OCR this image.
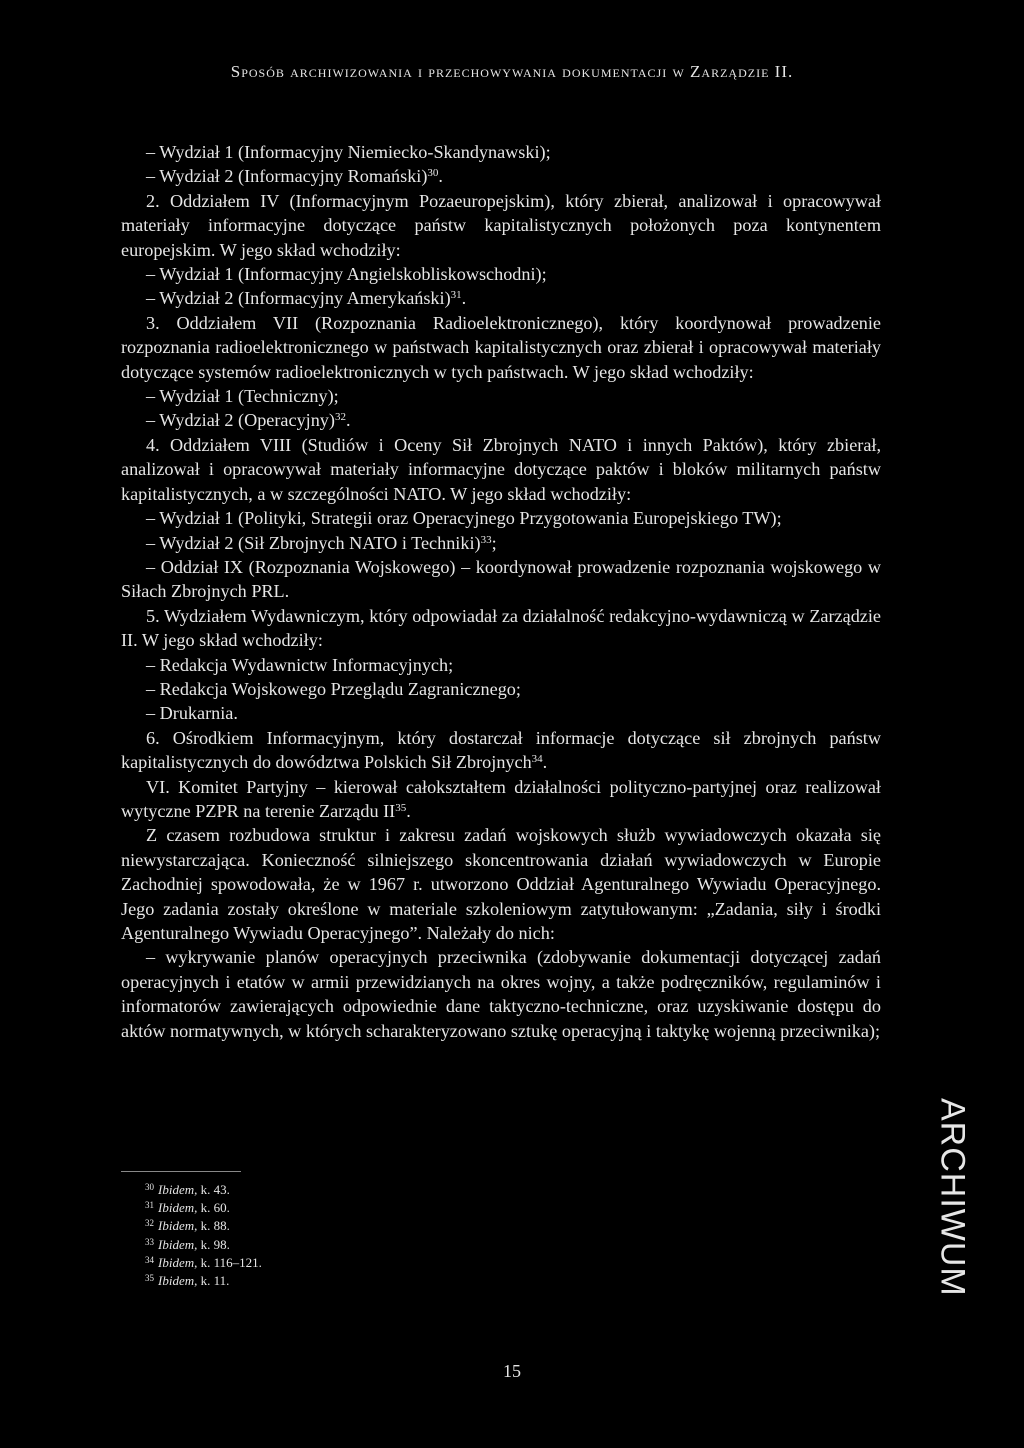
Sposób archiwizowania i przechowywania dokumentacji w Zarządzie II.

– Wydział 1 (Informacyjny Niemiecko-Skandynawski);

– Wydział 2 (Informacyjny Romański)$^{30}$.

2. Oddziałem IV (Informacyjnym Pozaeuropejskim), który zbierał, analizował i opracowywał materiały informacyjne dotyczące państw kapitalistycznych położonych poza kontynentem europejskim. W jego skład wchodziły:

– Wydział 1 (Informacyjny Angielskobliskowschodni);

– Wydział 2 (Informacyjny Amerykański)$^{31}$.

3. Oddziałem VII (Rozpoznania Radioelektronicznego), który koordynował prowadzenie rozpoznania radioelektronicznego w państwach kapitalistycznych oraz zbierał i opracowywał materiały dotyczące systemów radioelektronicznych w tych państwach. W jego skład wchodziły:

– Wydział 1 (Techniczny);

– Wydział 2 (Operacyjny)$^{32}$.

4. Oddziałem VIII (Studiów i Oceny Sił Zbrojnych NATO i innych Paktów), który zbierał, analizował i opracowywał materiały informacyjne dotyczące paktów i bloków militarnych państw kapitalistycznych, a w szczególności NATO. W jego skład wchodziły:

– Wydział 1 (Polityki, Strategii oraz Operacyjnego Przygotowania Europejskiego TW);

– Wydział 2 (Sił Zbrojnych NATO i Techniki)$^{33}$;

– Oddział IX (Rozpoznania Wojskowego) – koordynował prowadzenie rozpoznania wojskowego w Siłach Zbrojnych PRL.

5. Wydziałem Wydawniczym, który odpowiadał za działalność redakcyjno-wydawniczą w Zarządzie II. W jego skład wchodziły:

– Redakcja Wydawnictw Informacyjnych;

– Redakcja Wojskowego Przeglądu Zagranicznego;

– Drukarnia.

6. Ośrodkiem Informacyjnym, który dostarczał informacje dotyczące sił zbrojnych państw kapitalistycznych do dowództwa Polskich Sił Zbrojnych$^{34}$.

VI. Komitet Partyjny – kierował całokształtem działalności polityczno-partyjnej oraz realizował wytyczne PZPR na terenie Zarządu II$^{35}$.

Z czasem rozbudowa struktur i zakresu zadań wojskowych służb wywiadowczych okazała się niewystarczająca. Konieczność silniejszego skoncentrowania działań wywiadowczych w Europie Zachodniej spowodowała, że w 1967 r. utworzono Oddział Agenturalnego Wywiadu Operacyjnego. Jego zadania zostały określone w materiale szkoleniowym zatytułowanym: „Zadania, siły i środki Agenturalnego Wywiadu Operacyjnego”. Należały do nich:

– wykrywanie planów operacyjnych przeciwnika (zdobywanie dokumentacji dotyczącej zadań operacyjnych i etatów w armii przewidzianych na okres wojny, a także podręczników, regulaminów i informatorów zawierających odpowiednie dane taktyczno-techniczne, oraz uzyskiwanie dostępu do aktów normatywnych, w których scharakteryzowano sztukę operacyjną i taktykę wojenną przeciwnika);

$^{30}$ Ibidem, k. 43.
$^{31}$ Ibidem, k. 60.
$^{32}$ Ibidem, k. 88.
$^{33}$ Ibidem, k. 98.
$^{34}$ Ibidem, k. 116–121.
$^{35}$ Ibidem, k. 11.	ARCHIWUM
15
